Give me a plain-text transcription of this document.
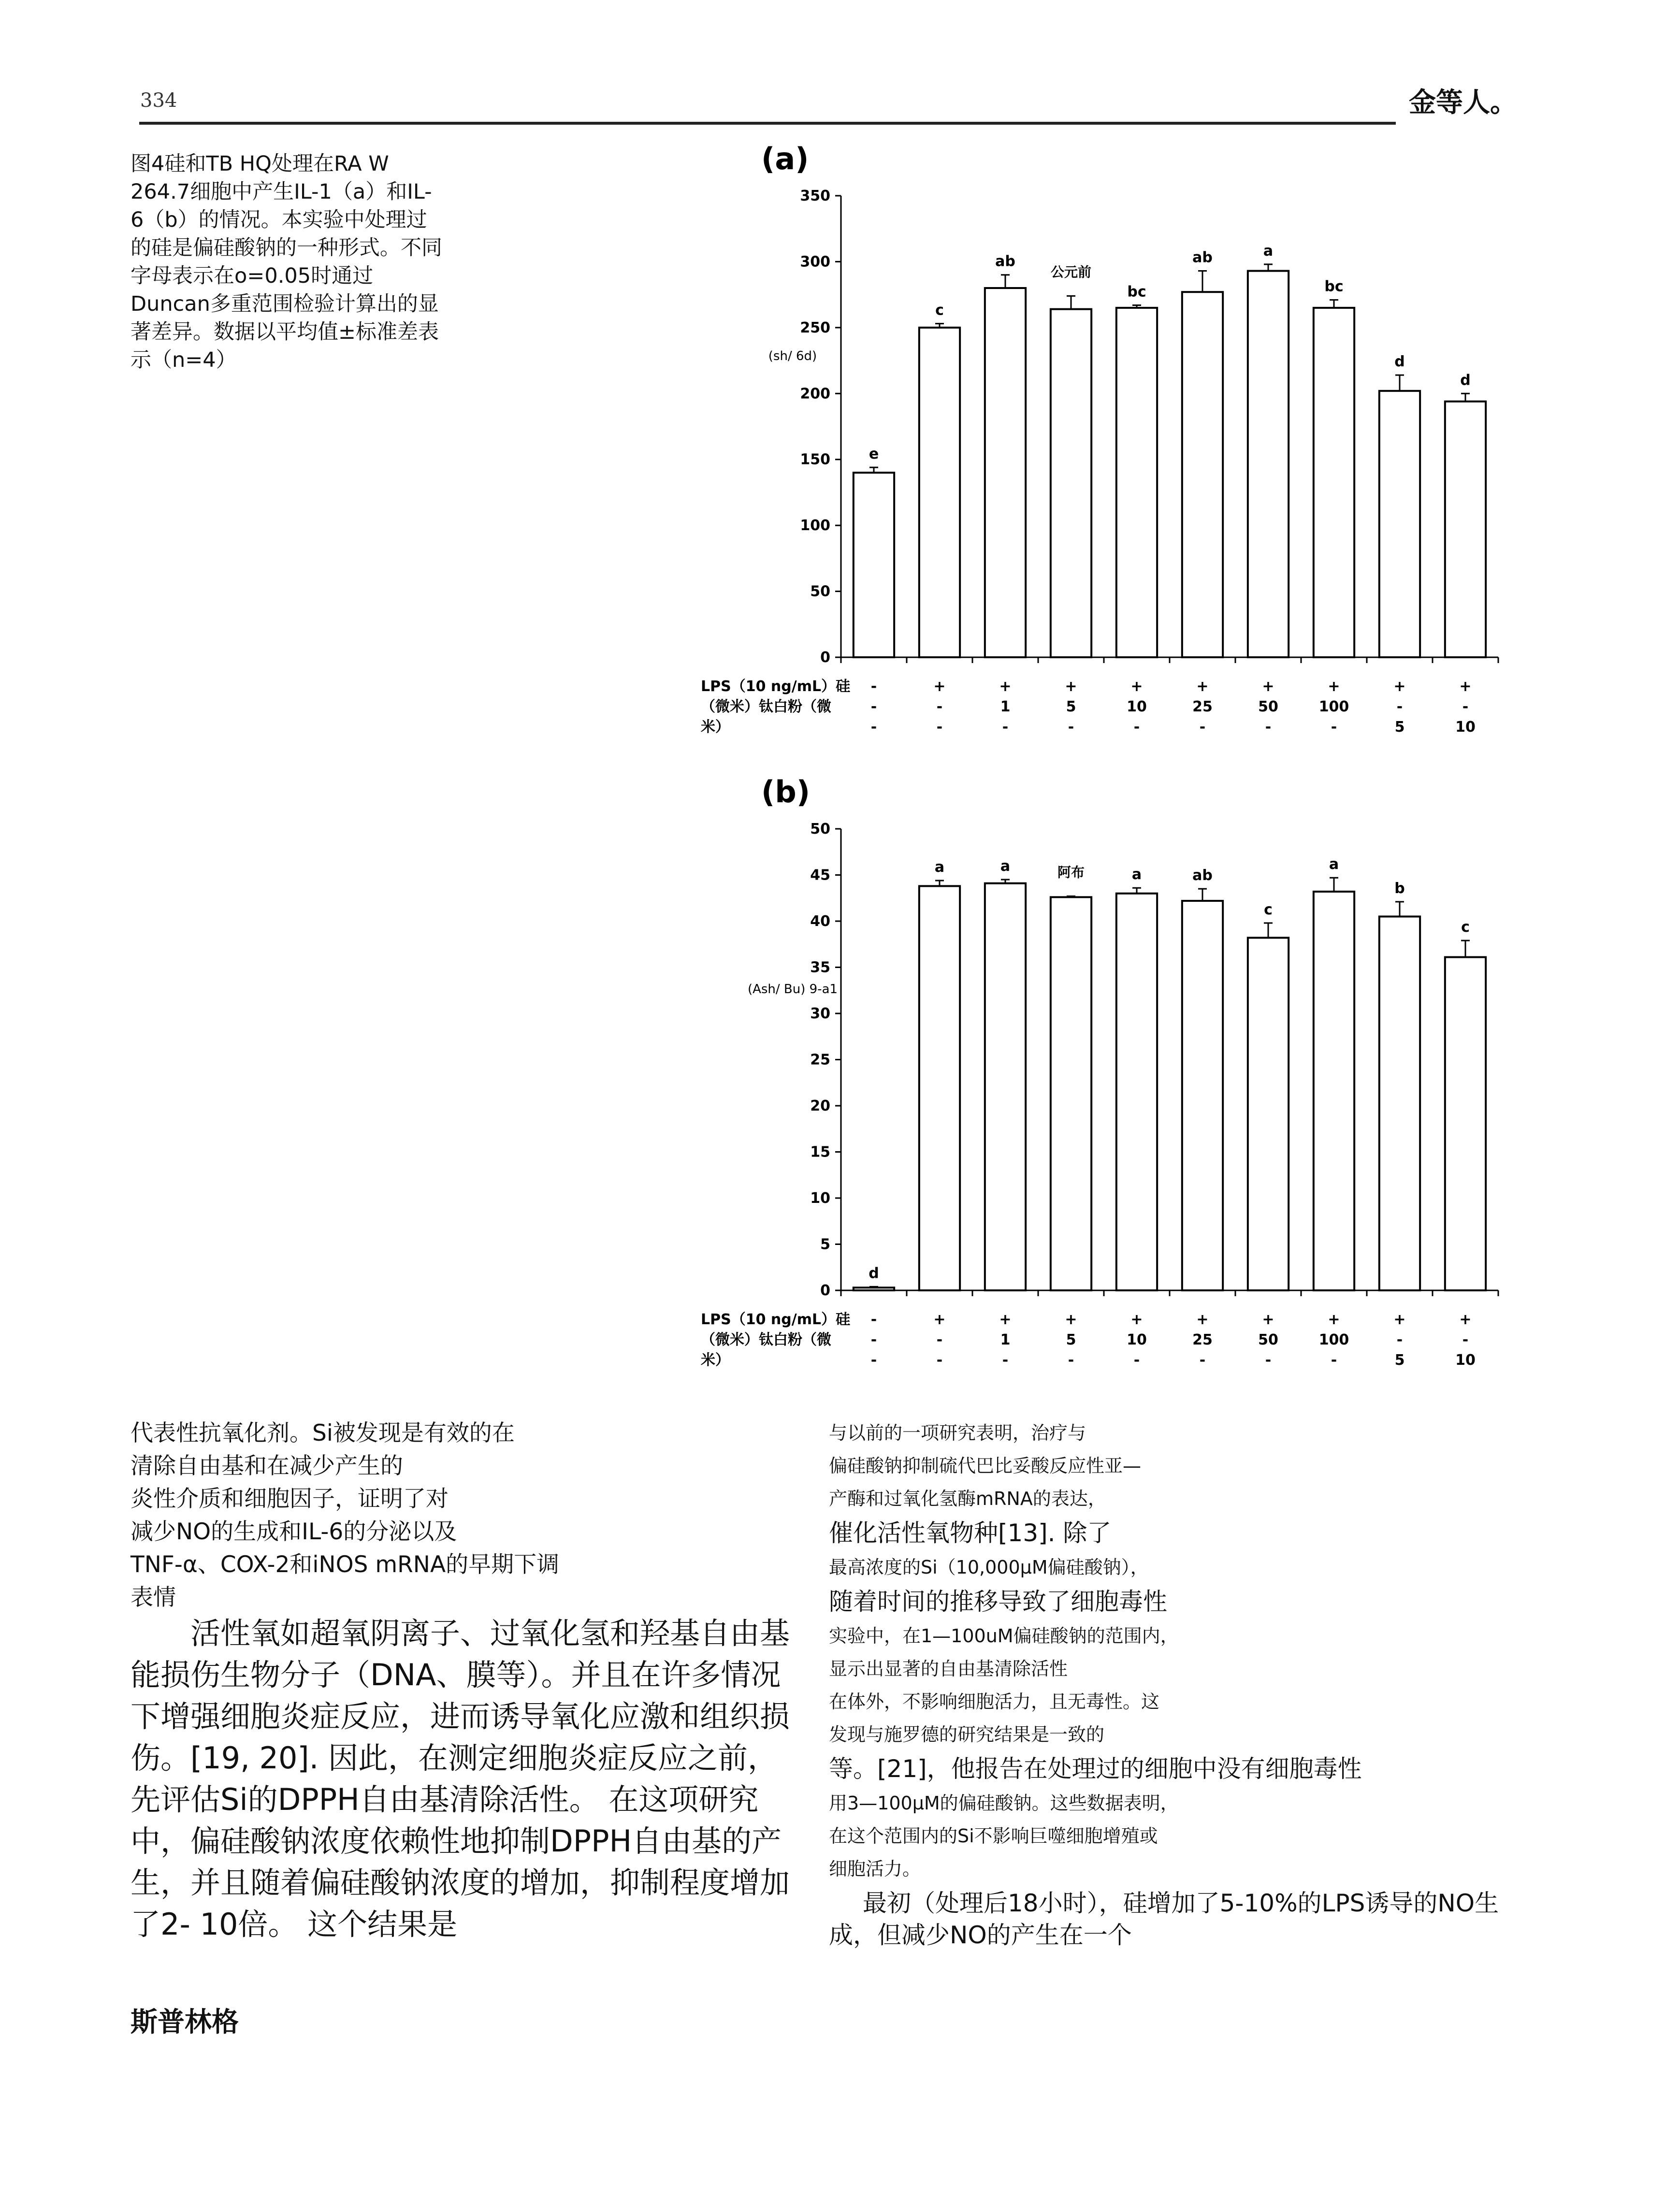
334	金等人。
图4硅和TB HQ处理在RA W 264.7细胞中产生IL-1（a）和IL-6（b）的情况。本实验中处理过的硅是偏硅酸钠的一种形式。不同字母表示在ο=0.05时通过Duncan多重范围检验计算出的显著差异。数据以平均值±标准差表示（n=4）
(a)
(sh/ 6d)
0
50
100
150
200
250
300
350
e
c
ab
bc
ab	a
bc
d
d
公元前
LPS（10 ng/mL）硅
（微米）钛白粉（微
米）
-	+	+	+	+	+	+	+	+	+
-	-	1	5	10	25	50	100	-	-
-	-	-	-	-	-	-	-	5	10
(b)
(Ash/ Bu) 9-a1
0
5
10
15
20
25
30
35
40
45
50
d
a	a	a	ab
c
a
b
c
阿布
LPS（10 ng/mL）硅
（微米）钛白粉（微
米）
-	+	+	+	+	+	+	+	+	+
-	-	1	5	10	25	50	100	-	-
-	-	-	-	-	-	-	-	5	10

代表性抗氧化剂。Si被发现是有效的在

清除自由基和在减少产生的

炎性介质和细胞因子，证明了对

减少NO的生成和IL-6的分泌以及

TNF-α、COX-2和iNOS mRNA的早期下调

表情

活性氧如超氧阴离子、过氧化氢和羟基自由基能损伤生物分子（DNA、膜等）。并且在许多情况下增强细胞炎症反应，进而诱导氧化应激和组织损伤。[19, 20]. 因此，在测定细胞炎症反应之前，先评估Si的DPPH自由基清除活性。 在这项研究中，偏硅酸钠浓度依赖性地抑制DPPH自由基的产生，并且随着偏硅酸钠浓度的增加，抑制程度增加了2- 10倍。 这个结果是

与以前的一项研究表明，治疗与

偏硅酸钠抑制硫代巴比妥酸反应性亚—

产酶和过氧化氢酶mRNA的表达，

催化活性氧物种[13]. 除了

最高浓度的Si（10,000μM偏硅酸钠），

随着时间的推移导致了细胞毒性

实验中，在1—100uM偏硅酸钠的范围内，

显示出显著的自由基清除活性

在体外，不影响细胞活力，且无毒性。这

发现与施罗德的研究结果是一致的

等。[21]，他报告在处理过的细胞中没有细胞毒性

用3—100μM的偏硅酸钠。这些数据表明，

在这个范围内的Si不影响巨噬细胞增殖或

细胞活力。

最初（处理后18小时），硅增加了5-10%的LPS诱导的NO生成，但减少NO的产生在一个

斯普林格
